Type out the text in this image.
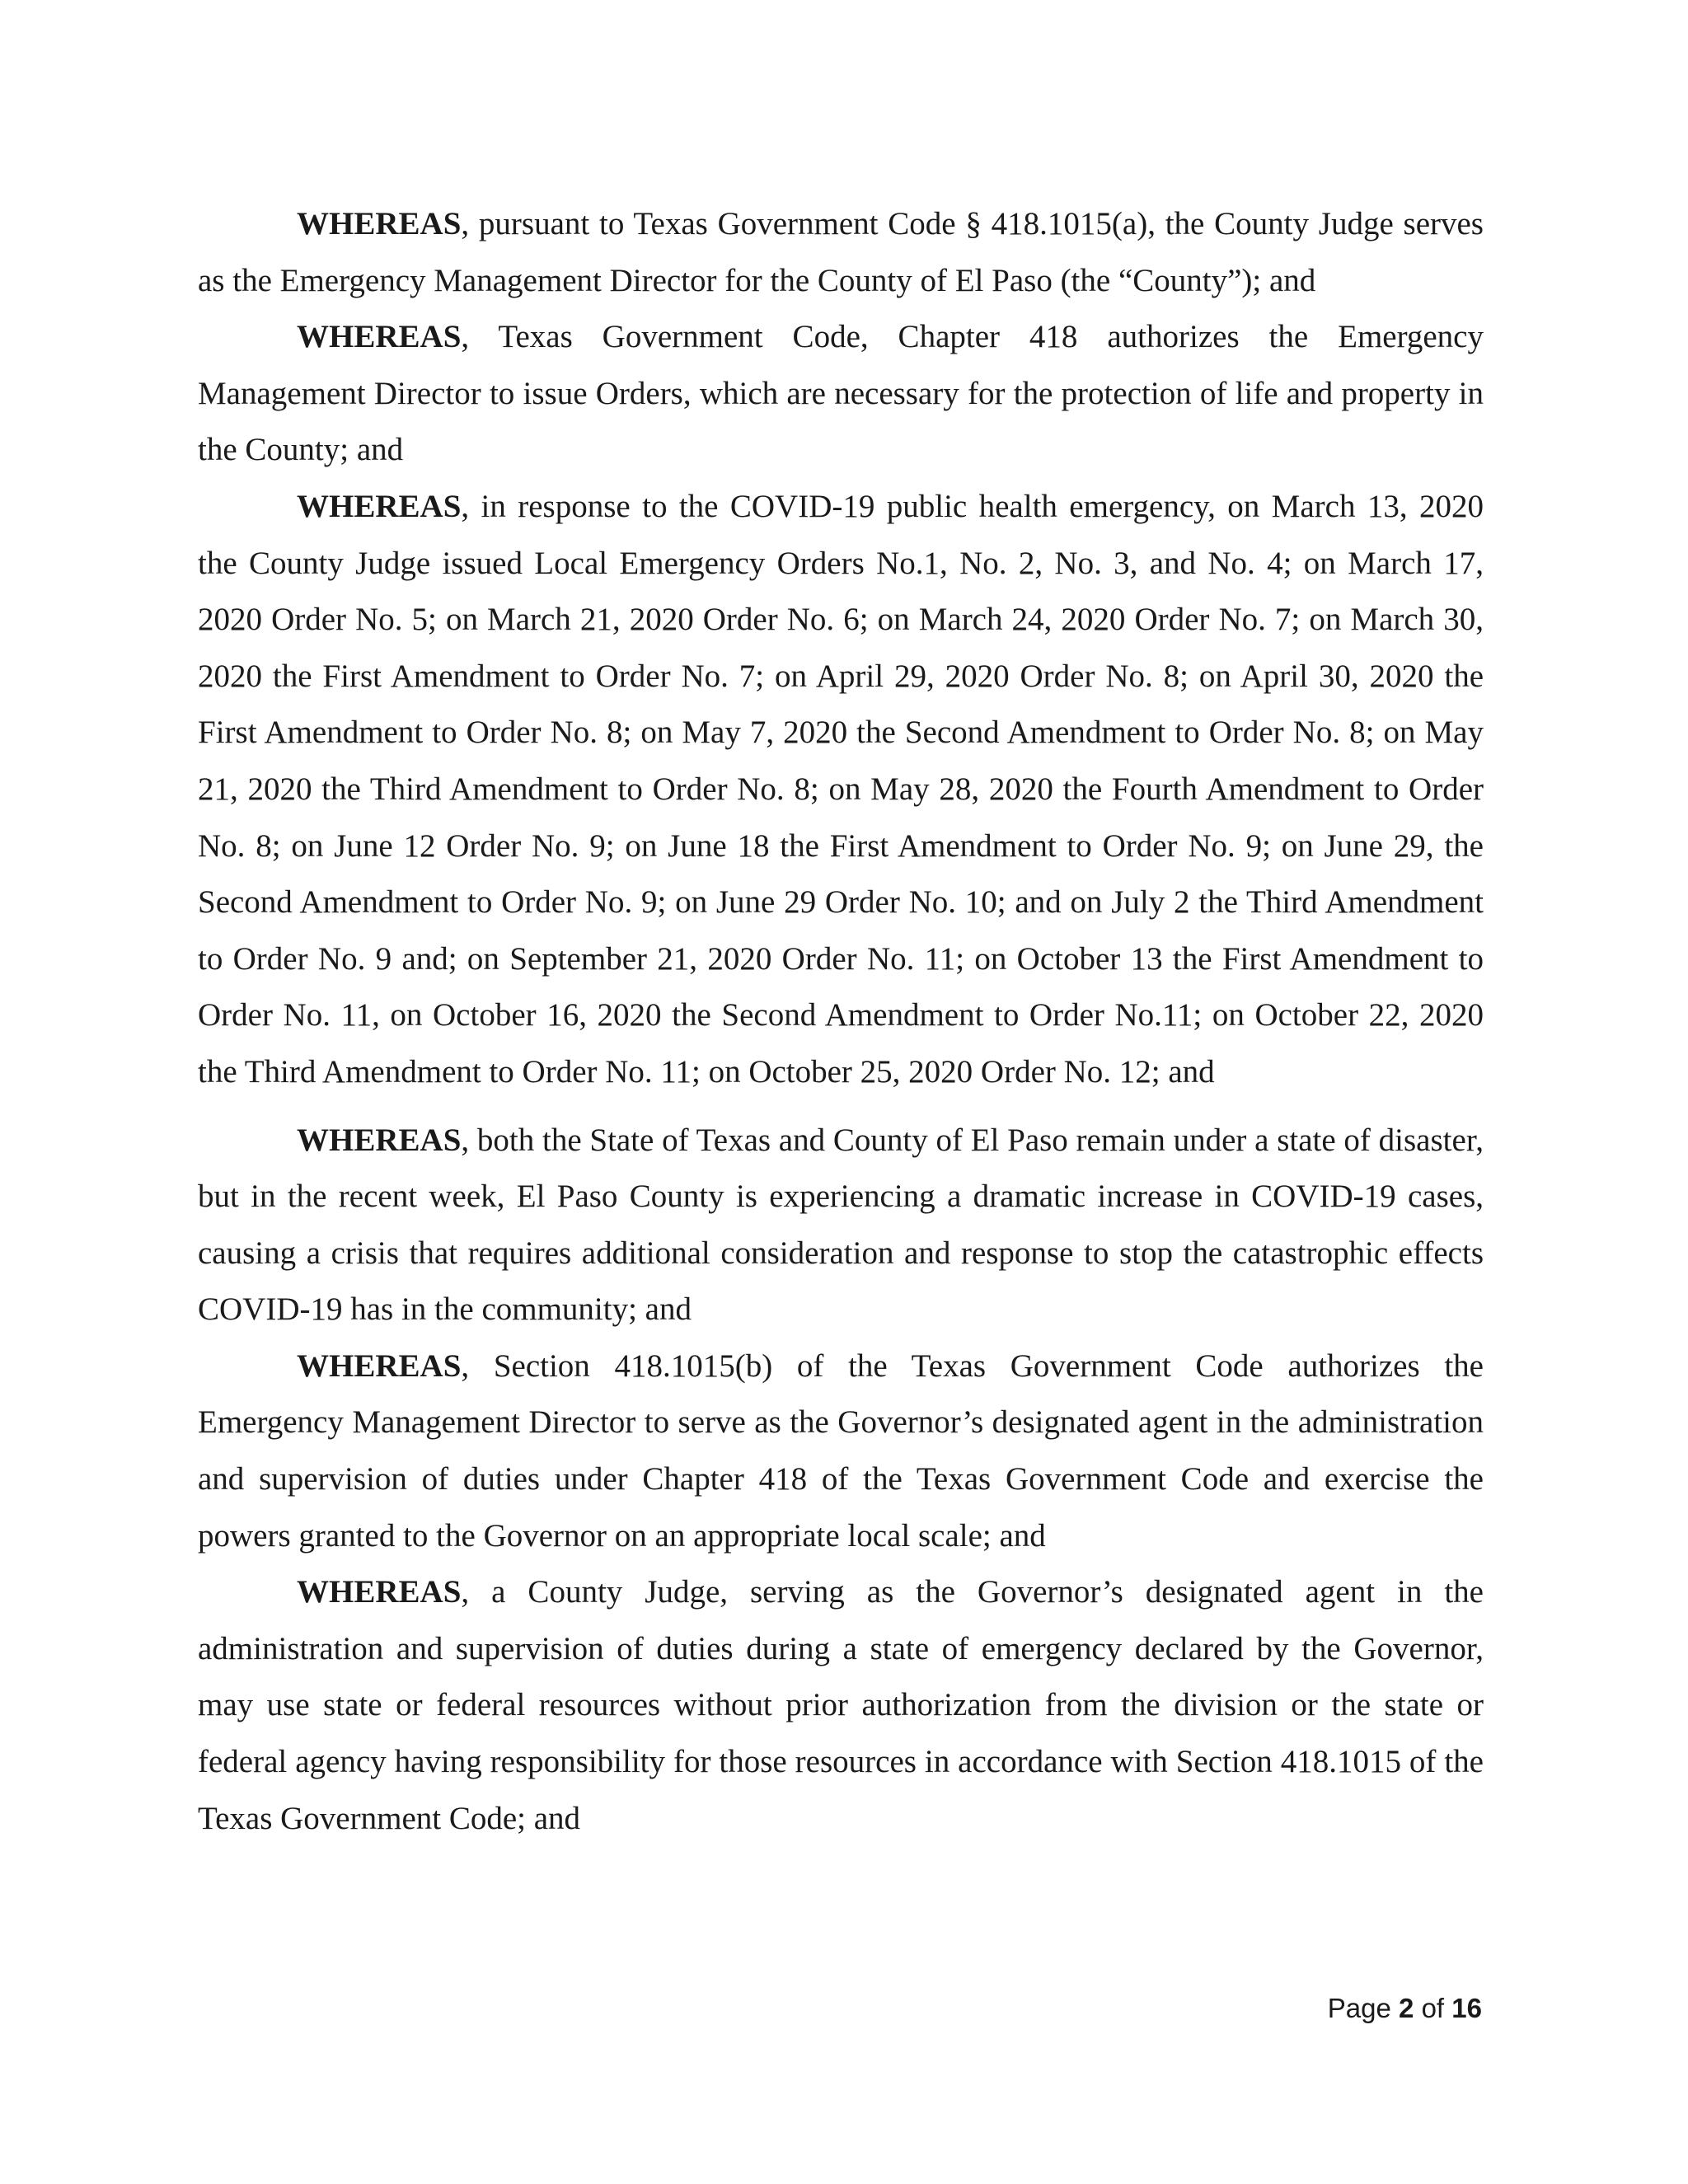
WHEREAS, pursuant to Texas Government Code § 418.1015(a), the County Judge serves as the Emergency Management Director for the County of El Paso (the “County”); and

WHEREAS, Texas Government Code, Chapter 418 authorizes the Emergency Management Director to issue Orders, which are necessary for the protection of life and property in the County; and

WHEREAS, in response to the COVID-19 public health emergency, on March 13, 2020 the County Judge issued Local Emergency Orders No.1, No. 2, No. 3, and No. 4; on March 17, 2020 Order No. 5; on March 21, 2020 Order No. 6; on March 24, 2020 Order No. 7; on March 30, 2020 the First Amendment to Order No. 7; on April 29, 2020 Order No. 8; on April 30, 2020 the First Amendment to Order No. 8; on May 7, 2020 the Second Amendment to Order No. 8; on May 21, 2020 the Third Amendment to Order No. 8; on May 28, 2020 the Fourth Amendment to Order No. 8; on June 12 Order No. 9; on June 18 the First Amendment to Order No. 9; on June 29, the Second Amendment to Order No. 9; on June 29 Order No. 10; and on July 2 the Third Amendment to Order No. 9 and; on September 21, 2020 Order No. 11; on October 13 the First Amendment to Order No. 11, on October 16, 2020 the Second Amendment to Order No.11; on October 22, 2020 the Third Amendment to Order No. 11; on October 25, 2020 Order No. 12; and

WHEREAS, both the State of Texas and County of El Paso remain under a state of disaster, but in the recent week, El Paso County is experiencing a dramatic increase in COVID-19 cases, causing a crisis that requires additional consideration and response to stop the catastrophic effects COVID-19 has in the community; and

WHEREAS, Section 418.1015(b) of the Texas Government Code authorizes the Emergency Management Director to serve as the Governor’s designated agent in the administration and supervision of duties under Chapter 418 of the Texas Government Code and exercise the powers granted to the Governor on an appropriate local scale; and

WHEREAS, a County Judge, serving as the Governor’s designated agent in the administration and supervision of duties during a state of emergency declared by the Governor, may use state or federal resources without prior authorization from the division or the state or federal agency having responsibility for those resources in accordance with Section 418.1015 of the Texas Government Code; and

Page 2 of 16
